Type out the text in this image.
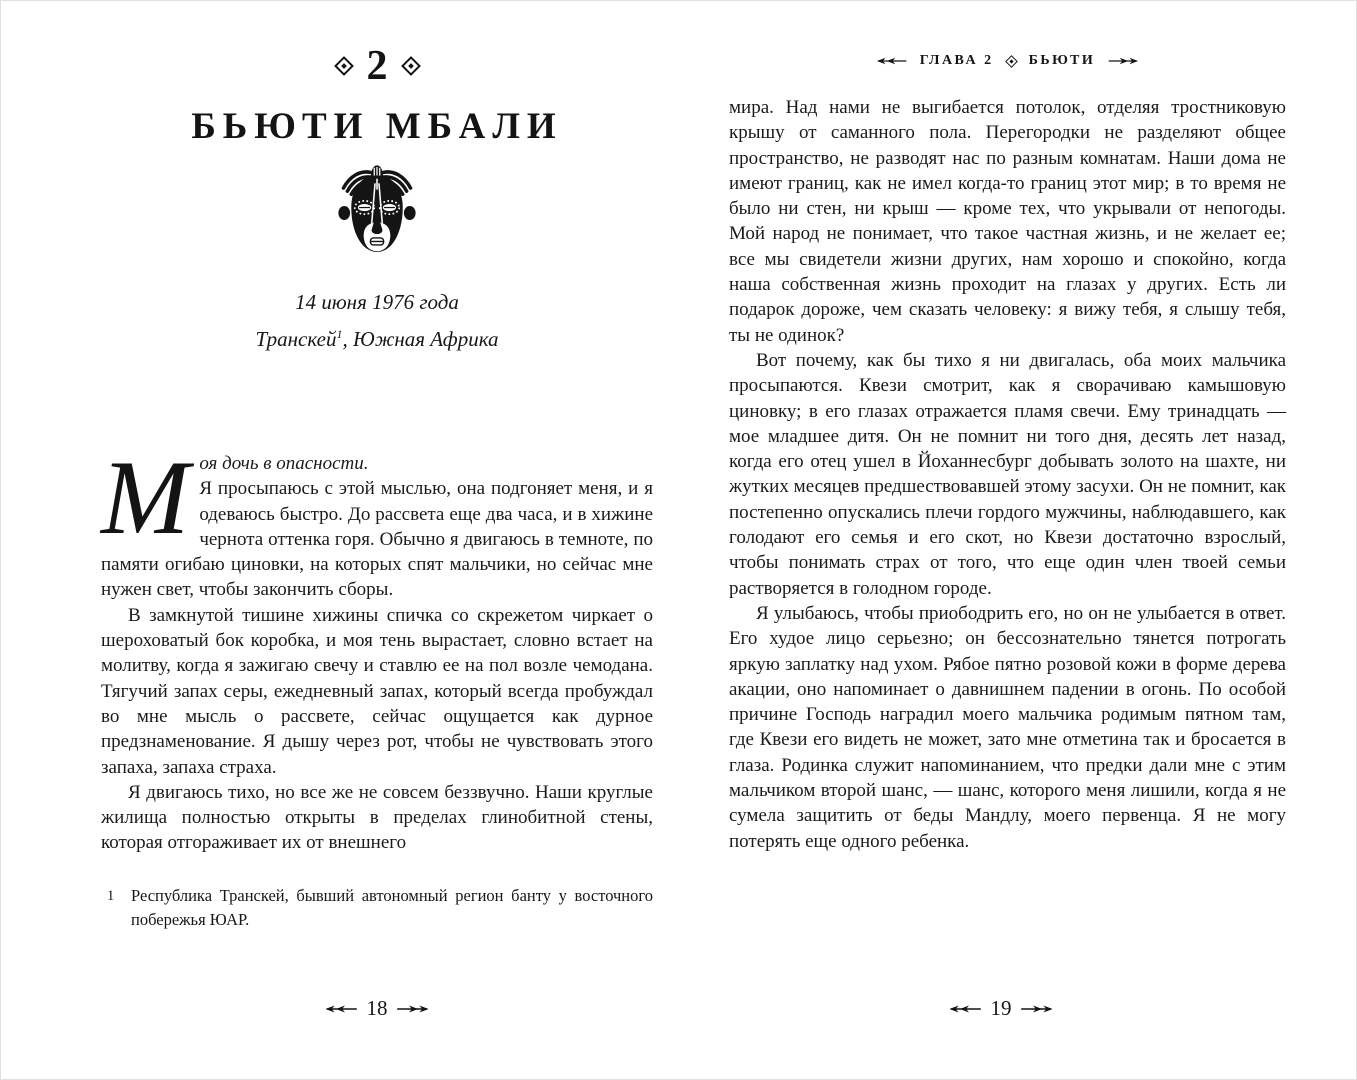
2
БЬЮТИ МБАЛИ
14 июня 1976 года
Транскей$^1$, Южная Африка

М оя дочь в опасности.
Я просыпаюсь с этой мыслью, она подгоняет меня, и я одеваюсь быстро. До рассвета еще два часа, и в хижине чернота оттенка горя. Обычно я двигаюсь в темноте, по памяти огибаю циновки, на которых спят мальчики, но сейчас мне нужен свет, чтобы закончить сборы.

В замкнутой тишине хижины спичка со скрежетом чиркает о шероховатый бок коробка, и моя тень вырастает, словно встает на молитву, когда я зажигаю свечу и ставлю ее на пол возле чемодана. Тягучий запах серы, ежедневный запах, который всегда пробуждал во мне мысль о рассвете, сейчас ощущается как дурное предзнаменование. Я дышу через рот, чтобы не чувствовать этого запаха, запаха страха.

Я двигаюсь тихо, но все же не совсем беззвучно. Наши круглые жилища полностью открыты в пределах глинобитной стены, которая отгораживает их от внешнего

1	Республика Транскей, бывший автономный регион банту у восточного побережья ЮАР.
ГЛАВА 2	БЬЮТИ

мира. Над нами не выгибается потолок, отделяя тростниковую крышу от саманного пола. Перегородки не разделяют общее пространство, не разводят нас по разным комнатам. Наши дома не имеют границ, как не имел когда-то границ этот мир; в то время не было ни стен, ни крыш — кроме тех, что укрывали от непогоды. Мой народ не понимает, что такое частная жизнь, и не желает ее; все мы свидетели жизни других, нам хорошо и спокойно, когда наша собственная жизнь проходит на глазах у других. Есть ли подарок дороже, чем сказать человеку: я вижу тебя, я слышу тебя, ты не одинок?

Вот почему, как бы тихо я ни двигалась, оба моих мальчика просыпаются. Квези смотрит, как я сворачиваю камышовую циновку; в его глазах отражается пламя свечи. Ему тринадцать — мое младшее дитя. Он не помнит ни того дня, десять лет назад, когда его отец ушел в Йоханнесбург добывать золото на шахте, ни жутких месяцев предшествовавшей этому засухи. Он не помнит, как постепенно опускались плечи гордого мужчины, наблюдавшего, как голодают его семья и его скот, но Квези достаточно взрослый, чтобы понимать страх от того, что еще один член твоей семьи растворяется в голодном городе.

Я улыбаюсь, чтобы приободрить его, но он не улыбается в ответ. Его худое лицо серьезно; он бессознательно тянется потрогать яркую заплатку над ухом. Рябое пятно розовой кожи в форме дерева акации, оно напоминает о давнишнем падении в огонь. По особой причине Господь наградил моего мальчика родимым пятном там, где Квези его видеть не может, зато мне отметина так и бросается в глаза. Родинка служит напоминанием, что предки дали мне с этим мальчиком второй шанс, — шанс, которого меня лишили, когда я не сумела защитить от беды Мандлу, моего первенца. Я не могу потерять еще одного ребенка.

18	19
